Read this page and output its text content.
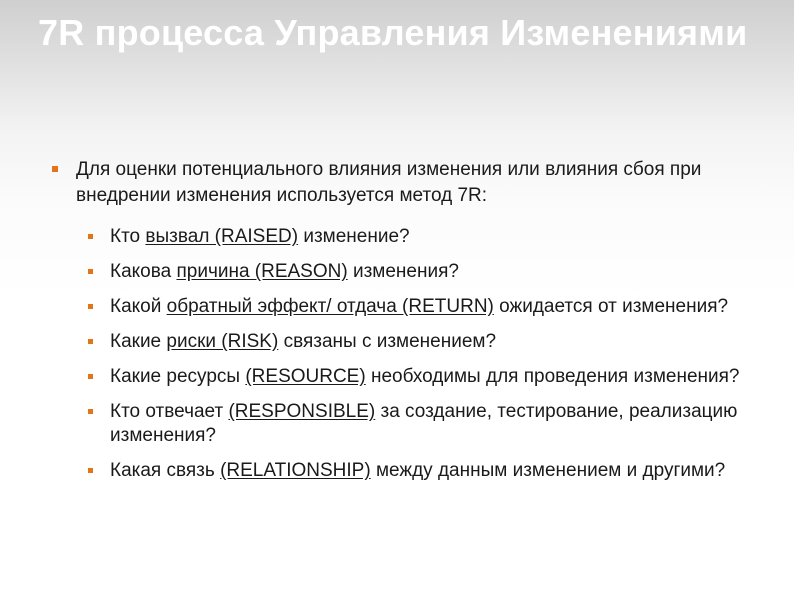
7R процесса Управления Изменениями
Для оценки потенциального влияния изменения или влияния сбоя при внедрении изменения используется метод 7R:
Кто вызвал (RAISED) изменение?
Какова причина (REASON) изменения?
Какой обратный эффект/ отдача (RETURN) ожидается от изменения?
Какие риски (RISK) связаны с изменением?
Какие ресурсы (RESOURCE) необходимы для проведения изменения?
Кто отвечает (RESPONSIBLE) за создание, тестирование, реализацию изменения?
Какая связь (RELATIONSHIP) между данным изменением и другими?
